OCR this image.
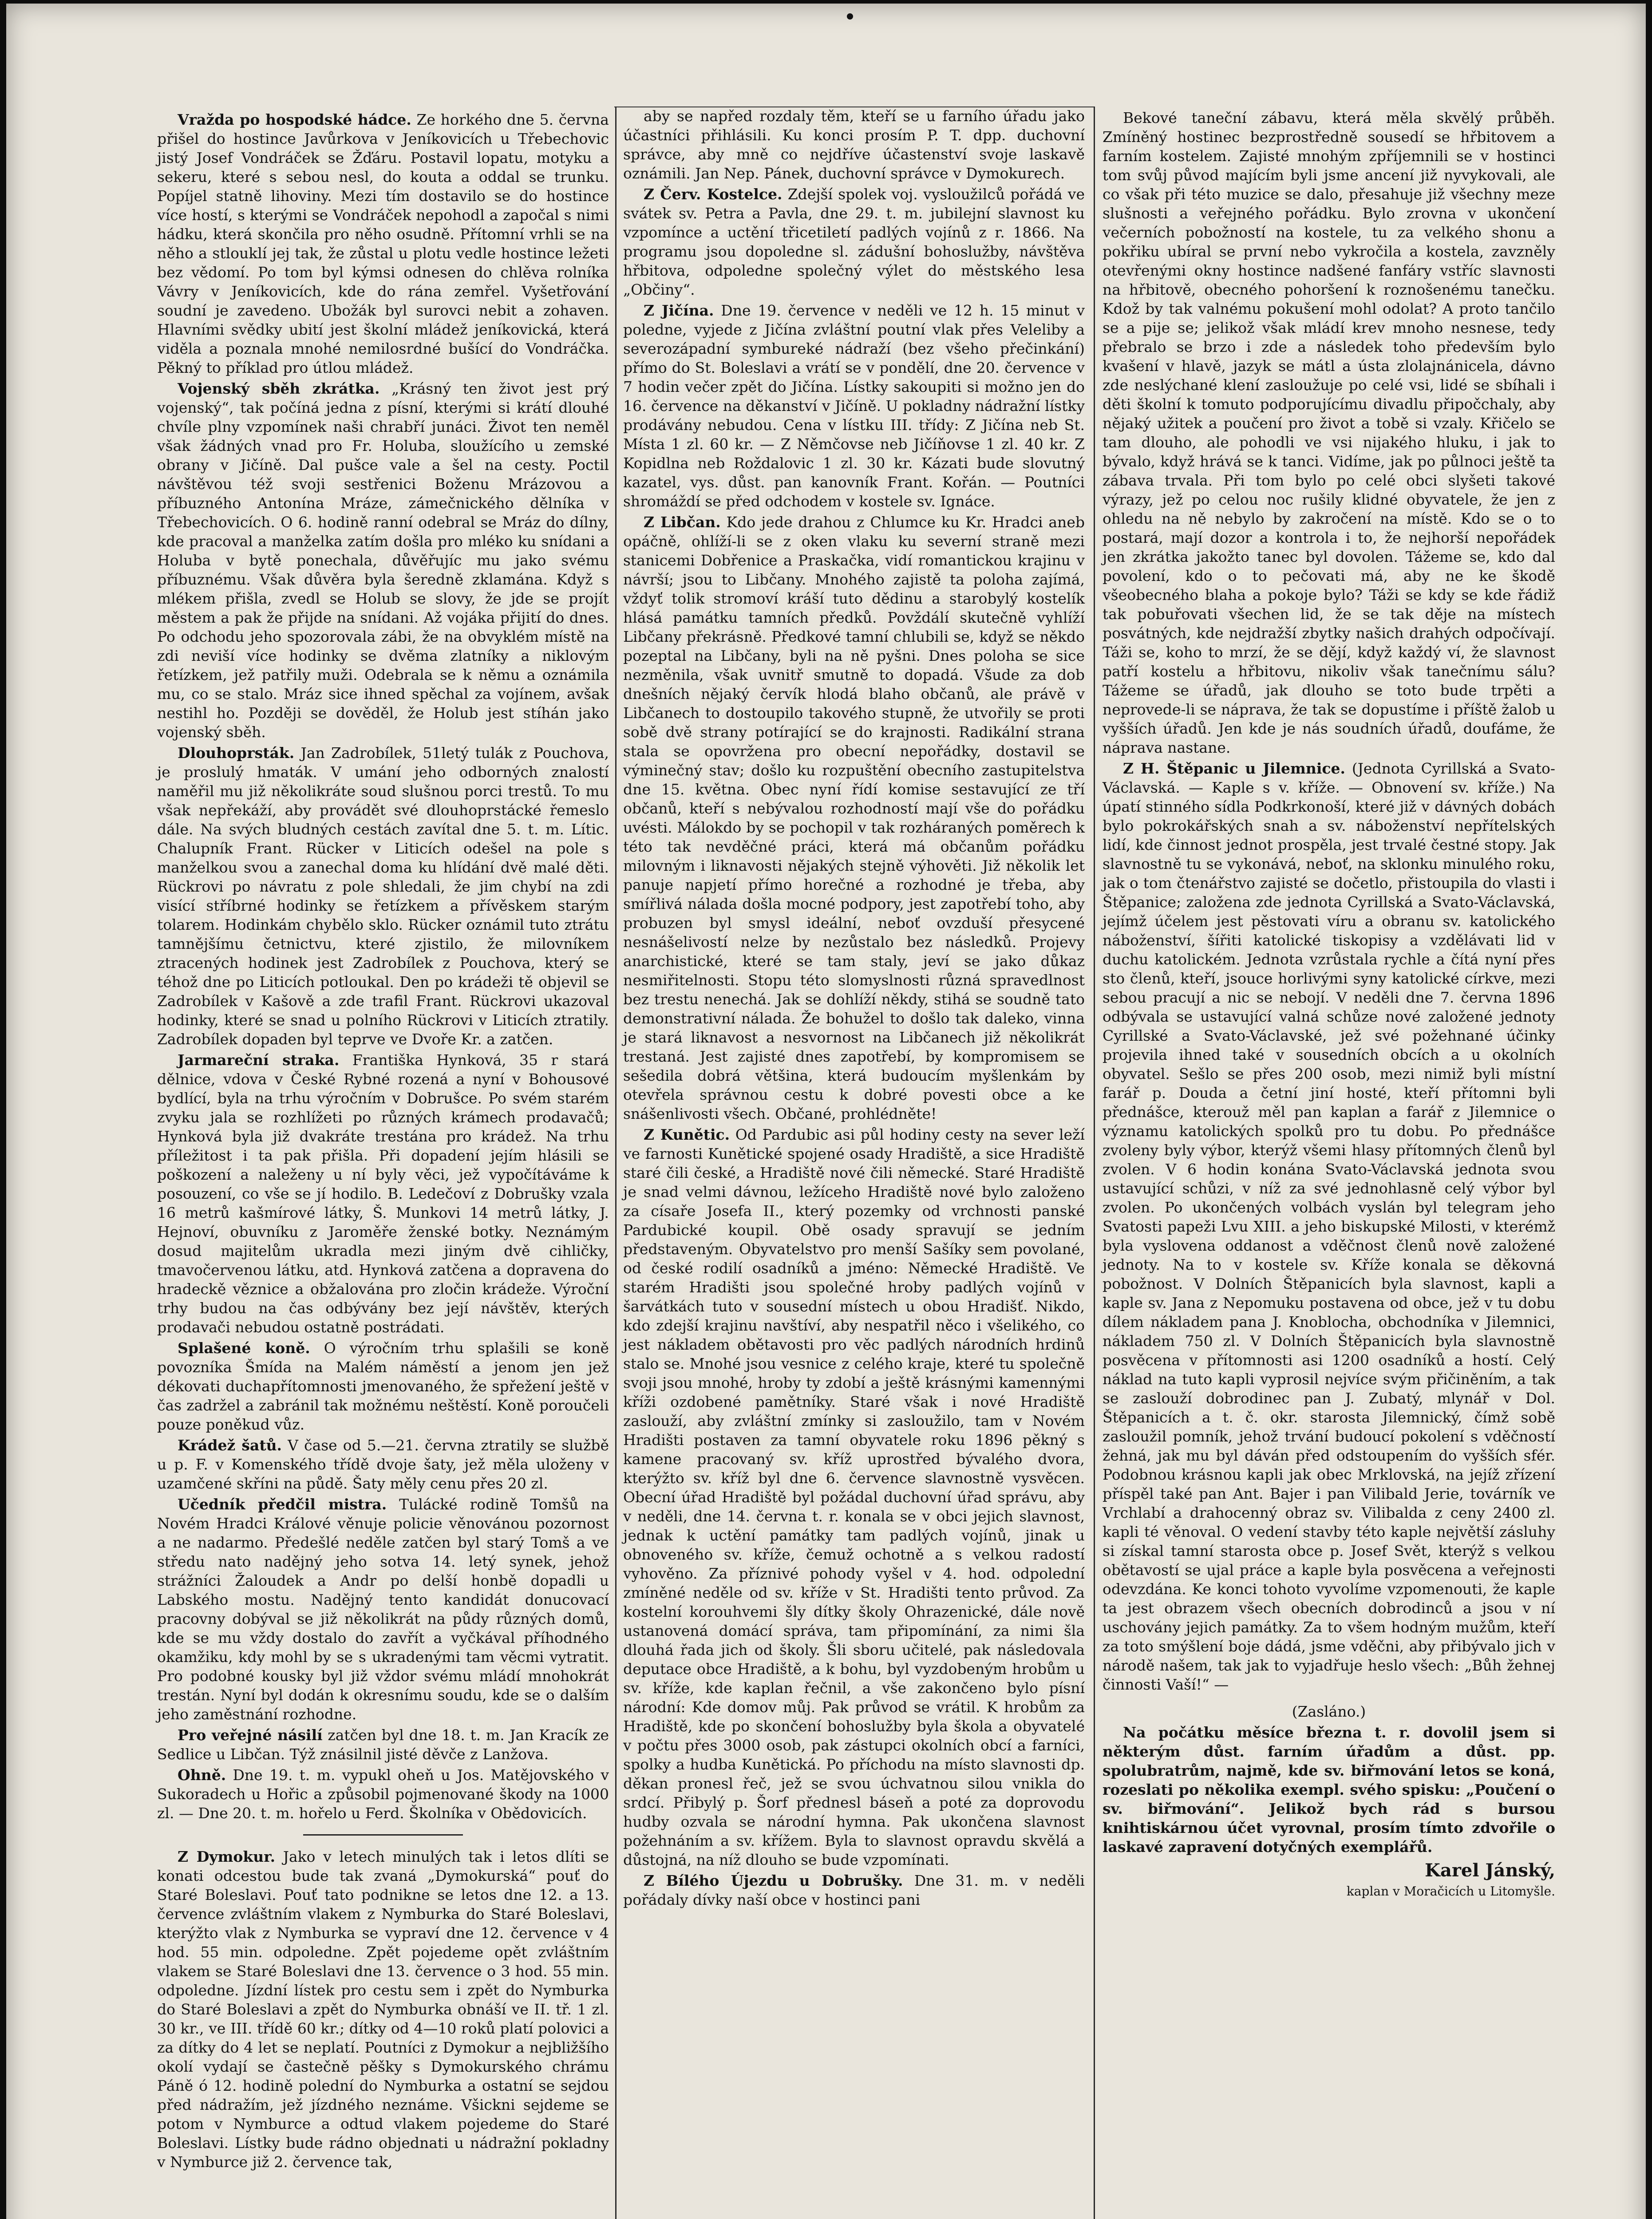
Vražda po hospodské hádce. Ze horkého dne 5. června přišel do hostince Javůrkova v Jeníkovicích u Třebechovic jistý Josef Vondráček se Žďáru. Postavil lopatu, motyku a sekeru, které s sebou nesl, do kouta a oddal se trunku. Popíjel statně lihoviny. Mezi tím dostavilo se do hostince více hostí, s kterými se Vondráček nepohodl a započal s nimi hádku, která skončila pro něho osudně. Přítomní vrhli se na něho a stlouklí jej tak, že zůstal u plotu vedle hostince ležeti bez vědomí. Po tom byl kýmsi odnesen do chlěva rolníka Vávry v Jeníkovicích, kde do rána zemřel. Vyšetřování soudní je zavedeno. Ubožák byl surovci nebit a zohaven. Hlavními svědky ubití jest školní mládež jeníkovická, která viděla a poznala mnohé nemilosrdné bušící do Vondráčka. Pěkný to příklad pro útlou mládež.

Vojenský sběh zkrátka. „Krásný ten život jest prý vojenský“, tak počíná jedna z písní, kterými si krátí dlouhé chvíle plny vzpomínek naši chrabří junáci. Život ten neměl však žádných vnad pro Fr. Holuba, sloužícího u zemské obrany v Jičíně. Dal pušce vale a šel na cesty. Poctil návštěvou též svoji sestřenici Boženu Mrázovou a příbuzného Antonína Mráze, zámečnického dělníka v Třebechovicích. O 6. hodině ranní odebral se Mráz do dílny, kde pracoval a manželka zatím došla pro mléko ku snídani a Holuba v bytě ponechala, důvěřujíc mu jako svému příbuznému. Však důvěra byla šeredně zklamána. Když s mlékem přišla, zvedl se Holub se slovy, že jde se projít městem a pak že přijde na snídani. Až vojáka přijití do dnes. Po odchodu jeho spozorovala zábi, že na obvyklém místě na zdi neviší více hodinky se dvěma zlatníky a niklovým řetízkem, jež patřily muži. Odebrala se k němu a oznámila mu, co se stalo. Mráz sice ihned spěchal za vojínem, avšak nestihl ho. Později se dověděl, že Holub jest stíhán jako vojenský sběh.

Dlouhoprsták. Jan Zadrobílek, 51letý tulák z Pouchova, je proslulý hmaták. V umání jeho odborných znalostí naměřil mu již několikráte soud slušnou porci trestů. To mu však nepřekáží, aby provádět své dlouhoprstácké řemeslo dále. Na svých bludných cestách zavítal dne 5. t. m. Lític. Chalupník Frant. Rücker v Liticích odešel na pole s manželkou svou a zanechal doma ku hlídání dvě malé děti. Rückrovi po návratu z pole shledali, že jim chybí na zdi visící stříbrné hodinky se řetízkem a přívěskem starým tolarem. Hodinkám chybělo sklo. Rücker oznámil tuto ztrátu tamnějšímu četnictvu, které zjistilo, že milovníkem ztracených hodinek jest Zadrobílek z Pouchova, který se téhož dne po Liticích potloukal. Den po krádeži tě objevil se Zadrobílek v Kašově a zde trafil Frant. Rückrovi ukazoval hodinky, které se snad u polního Rückrovi v Liticích ztratily. Zadrobílek dopaden byl teprve ve Dvoře Kr. a zatčen.

Jarmareční straka. Františka Hynková, 35 r stará dělnice, vdova v České Rybné rozená a nyní v Bohousové bydlící, byla na trhu výročním v Dobrušce. Po svém starém zvyku jala se rozhlížeti po různých krámech prodavačů; Hynková byla již dvakráte trestána pro krádež. Na trhu příležitost i ta pak přišla. Při dopadení jejím hlásili se poškození a naleženy u ní byly věci, jež vypočítáváme k posouzení, co vše se jí hodilo. B. Ledečoví z Dobrušky vzala 16 metrů kašmírové látky, Š. Munkovi 14 metrů látky, J. Hejnoví, obuvníku z Jaroměře ženské botky. Neznámým dosud majitelům ukradla mezi jiným dvě cihličky, tmavočervenou látku, atd. Hynková zatčena a dopravena do hradeckě věznice a obžalována pro zločin krádeže. Výroční trhy budou na čas odbývány bez její návštěv, kterých prodavači nebudou ostatně postrádati.

Splašené koně. O výročním trhu splašili se koně povozníka Šmída na Malém náměstí a jenom jen jež dékovati duchapřítomnosti jmenovaného, že spřežení ještě v čas zadržel a zabránil tak možnému neštěstí. Koně poroučeli pouze poněkud vůz.

Krádež šatů. V čase od 5.—21. června ztratily se službě u p. F. v Komenského třídě dvoje šaty, jež měla uloženy v uzamčené skříni na půdě. Šaty měly cenu přes 20 zl.

Učedník předčil mistra. Tulácké rodině Tomšů na Novém Hradci Králové věnuje policie věnovánou pozornost a ne nadarmo. Předešlé neděle zatčen byl starý Tomš a ve středu nato nadějný jeho sotva 14. letý synek, jehož strážníci Žaloudek a Andr po delší honbě dopadli u Labského mostu. Nadějný tento kandidát donucovací pracovny dobýval se již několikrát na půdy různých domů, kde se mu vždy dostalo do zavřít a vyčkával příhodného okamžiku, kdy mohl by se s ukradenými tam věcmi vytratit. Pro podobné kousky byl již vždor svému mládí mnohokrát trestán. Nyní byl dodán k okresnímu soudu, kde se o dalším jeho zaměstnání rozhodne.

Pro veřejné násilí zatčen byl dne 18. t. m. Jan Kracík ze Sedlice u Libčan. Týž znásilnil jisté děvče z Lanžova.

Ohně. Dne 19. t. m. vypukl oheň u Jos. Matějovského v Sukoradech u Hořic a způsobil pojmenované škody na 1000 zl. — Dne 20. t. m. hořelo u Ferd. Školníka v Obědovicích.

Z Dymokur. Jako v letech minulých tak i letos dlíti se konati odcestou bude tak zvaná „Dymokurská“ pouť do Staré Boleslavi. Pouť tato podnikne se letos dne 12. a 13. července zvláštním vlakem z Nymburka do Staré Boleslavi, kterýžto vlak z Nymburka se vypraví dne 12. července v 4 hod. 55 min. odpoledne. Zpět pojedeme opět zvláštním vlakem se Staré Boleslavi dne 13. července o 3 hod. 55 min. odpoledne. Jízdní lístek pro cestu sem i zpět do Nymburka do Staré Boleslavi a zpět do Nymburka obnáší ve II. tř. 1 zl. 30 kr., ve III. třídě 60 kr.; dítky od 4—10 roků platí polovici a za dítky do 4 let se neplatí. Poutníci z Dymokur a nejbližšího okolí vydají se častečně pěšky s Dymokurského chrámu Páně ó 12. hodině polední do Nymburka a ostatní se sejdou před nádražím, jež jízdného neznáme. Všickni sejdeme se potom v Nymburce a odtud vlakem pojedeme do Staré Boleslavi. Lístky bude rádno objednati u nádražní pokladny v Nymburce již 2. července tak,

aby se napřed rozdaly těm, kteří se u farního úřadu jako účastníci přihlásili. Ku konci prosím P. T. dpp. duchovní správce, aby mně co nejdříve účastenství svoje laskavě oznámili. Jan Nep. Pánek, duchovní správce v Dymokurech.

Z Červ. Kostelce. Zdejší spolek voj. vysloužilců pořádá ve svátek sv. Petra a Pavla, dne 29. t. m. jubilejní slavnost ku vzpomínce a uctění třicetiletí padlých vojínů z r. 1866. Na programu jsou dopoledne sl. zádušní bohoslužby, návštěva hřbitova, odpoledne společný výlet do městského lesa „Občiny“.

Z Jičína. Dne 19. července v neděli ve 12 h. 15 minut v poledne, vyjede z Jičína zvláštní poutní vlak přes Veleliby a severozápadní symbureké nádraží (bez všeho přečinkání) přímo do St. Boleslavi a vrátí se v pondělí, dne 20. července v 7 hodin večer zpět do Jičína. Lístky sakoupiti si možno jen do 16. července na děkanství v Jičíně. U pokladny nádražní lístky prodávány nebudou. Cena v lístku III. třídy: Z Jičína neb St. Místa 1 zl. 60 kr. — Z Němčovse neb Jičíňovse 1 zl. 40 kr. Z Kopidlna neb Roždalovic 1 zl. 30 kr. Kázati bude slovutný kazatel, vys. důst. pan kanovník Frant. Kořán. — Poutníci shromáždí se před odchodem v kostele sv. Ignáce.

Z Libčan. Kdo jede drahou z Chlumce ku Kr. Hradci aneb opáčně, ohlíží-li se z oken vlaku ku severní straně mezi stanicemi Dobřenice a Praskačka, vidí romantickou krajinu v návrší; jsou to Libčany. Mnohého zajistě ta poloha zajímá, vždyť tolik stromoví kráší tuto dědinu a starobylý kostelík hlásá památku tamních předků. Povždálí skutečně vyhlíží Libčany překrásně. Předkové tamní chlubili se, když se někdo pozeptal na Libčany, byli na ně pyšni. Dnes poloha se sice nezměnila, však uvnitř smutně to dopadá. Všude za dob dnešních nějaký červík hlodá blaho občanů, ale právě v Libčanech to dostoupilo takového stupně, že utvořily se proti sobě dvě strany potírající se do krajnosti. Radikální strana stala se opovržena pro obecní nepořádky, dostavil se výminečný stav; došlo ku rozpuštění obecního zastupitelstva dne 15. května. Obec nyní řídí komise sestavující ze tří občanů, kteří s nebývalou rozhodností mají vše do pořádku uvésti. Málokdo by se pochopil v tak rozháraných poměrech k této tak nevděčné práci, která má občanům pořádku milovným i liknavosti nějakých stejně výhověti. Již několik let panuje napjetí přímo horečné a rozhodné je třeba, aby smířlivá nálada došla mocné podpory, jest zapotřebí toho, aby probuzen byl smysl ideální, neboť ovzduší přesycené nesnášelivostí nelze by nezůstalo bez následků. Projevy anarchistické, které se tam staly, jeví se jako důkaz nesmiřitelnosti. Stopu této slomyslnosti různá spravedlnost bez trestu nenechá. Jak se dohlíží někdy, stihá se soudně tato demonstrativní nálada. Že bohužel to došlo tak daleko, vinna je stará liknavost a nesvornost na Libčanech již několikrát trestaná. Jest zajisté dnes zapotřebí, by kompromisem se sešedila dobrá většina, která budoucím myšlenkám by otevřela správnou cestu k dobré povesti obce a ke snášenlivosti všech. Občané, prohlédněte!

Z Kunětic. Od Pardubic asi půl hodiny cesty na sever leží ve farnosti Kunětické spojené osady Hradiště, a sice Hradiště staré čili české, a Hradiště nové čili německé. Staré Hradiště je snad velmi dávnou, ležíceho Hradiště nové bylo založeno za císaře Josefa II., který pozemky od vrchnosti panské Pardubické koupil. Obě osady spravují se jedním představeným. Obyvatelstvo pro menší Sašíky sem povolané, od české rodilí osadníků a jméno: Německé Hradiště. Ve starém Hradišti jsou společné hroby padlých vojínů v šarvátkách tuto v sousední místech u obou Hradišť. Nikdo, kdo zdejší krajinu navštíví, aby nespatřil něco i všelikého, co jest nákladem obětavosti pro věc padlých národních hrdinů stalo se. Mnohé jsou vesnice z celého kraje, které tu společně svoji jsou mnohé, hroby ty zdobí a ještě krásnými kamennými kříži ozdobené pamětníky. Staré však i nové Hradiště zaslouží, aby zvláštní zmínky si zasloužilo, tam v Novém Hradišti postaven za tamní obyvatele roku 1896 pěkný s kamene pracovaný sv. kříž uprostřed bývalého dvora, kterýžto sv. kříž byl dne 6. července slavnostně vysvěcen. Obecní úřad Hradiště byl požádal duchovní úřad správu, aby v neděli, dne 14. června t. r. konala se v obci jejich slavnost, jednak k uctění památky tam padlých vojínů, jinak u obnoveného sv. kříže, čemuž ochotně a s velkou radostí vyhověno. Za příznivé pohody vyšel v 4. hod. odpolední zmíněné neděle od sv. kříže v St. Hradišti tento průvod. Za kostelní korouhvemi šly dítky školy Ohrazenické, dále nově ustanovená domácí správa, tam připomínání, za nimi šla dlouhá řada jich od školy. Šli sboru učitelé, pak následovala deputace obce Hradiště, a k bohu, byl vyzdobeným hrobům u sv. kříže, kde kaplan řečnil, a vše zakončeno bylo písní národní: Kde domov můj. Pak průvod se vrátil. K hrobům za Hradiště, kde po skončení bohoslužby byla škola a obyvatelé v počtu přes 3000 osob, pak zástupci okolních obcí a farníci, spolky a hudba Kunětická. Po příchodu na místo slavnosti dp. děkan pronesl řeč, jež se svou úchvatnou silou vnikla do srdcí. Přibylý p. Šorf přednesl báseň a poté za doprovodu hudby ozvala se národní hymna. Pak ukončena slavnost požehnáním a sv. křížem. Byla to slavnost opravdu skvělá a důstojná, na níž dlouho se bude vzpomínati.

Z Bílého Újezdu u Dobrušky. Dne 31. m. v neděli pořádaly dívky naší obce v hostinci pani

Bekové taneční zábavu, která měla skvělý průběh. Zmíněný hostinec bezprostředně sousedí se hřbitovem a farním kostelem. Zajisté mnohým zpříjemnili se v hostinci tom svůj původ majícím byli jsme ancení již nyvykovali, ale co však při této muzice se dalo, přesahuje již všechny meze slušnosti a veřejného pořádku. Bylo zrovna v ukončení večerních pobožností na kostele, tu za velkého shonu a pokřiku ubíral se první nebo vykročila a kostela, zavzněly otevřenými okny hostince nadšené fanfáry vstříc slavnosti na hřbitově, obecného pohoršení k roznošenému tanečku. Kdož by tak valnému pokušení mohl odolat? A proto tančilo se a pije se; jelikož však mládí krev mnoho nesnese, tedy přebralo se brzo i zde a následek toho především bylo kvašení v hlavě, jazyk se mátl a ústa zlolajnánicela, dávno zde neslýchané klení zasloužuje po celé vsi, lidé se sbíhali i děti školní k tomuto podporujícímu divadlu připočchaly, aby nějaký užitek a poučení pro život a tobě si vzaly. Křičelo se tam dlouho, ale pohodli ve vsi nijakého hluku, i jak to bývalo, když hrává se k tanci. Vidíme, jak po půlnoci ještě ta zábava trvala. Při tom bylo po celé obci slyšeti takové výrazy, jež po celou noc rušily klidné obyvatele, že jen z ohledu na ně nebylo by zakročení na místě. Kdo se o to postará, mají dozor a kontrola i to, že nejhorší nepořádek jen zkrátka jakožto tanec byl dovolen. Tážeme se, kdo dal povolení, kdo o to pečovati má, aby ne ke škodě všeobecného blaha a pokoje bylo? Táži se kdy se kde řádiž tak pobuřovati všechen lid, že se tak děje na místech posvátných, kde nejdražší zbytky našich drahých odpočívají. Táži se, koho to mrzí, že se dějí, když každý ví, že slavnost patří kostelu a hřbitovu, nikoliv však tanečnímu sálu? Tážeme se úřadů, jak dlouho se toto bude trpěti a neprovede-li se náprava, že tak se dopustíme i příště žalob u vyšších úřadů. Jen kde je nás soudních úřadů, doufáme, že náprava nastane.

Z H. Štěpanic u Jilemnice. (Jednota Cyrillská a Svato-Václavská. — Kaple s v. kříže. — Obnovení sv. kříže.) Na úpatí stinného sídla Podkrkonoší, které již v dávných dobách bylo pokrokářských snah a sv. náboženství nepřítelských lidí, kde činnost jednot prospěla, jest trvalé čestné stopy. Jak slavnostně tu se vykonává, neboť, na sklonku minulého roku, jak o tom čtenářstvo zajisté se dočetlo, přistoupila do vlasti i Štěpanice; založena zde jednota Cyrillská a Svato-Václavská, jejímž účelem jest pěstovati víru a obranu sv. katolického náboženství, šířiti katolické tiskopisy a vzdělávati lid v duchu katolickém. Jednota vzrůstala rychle a čítá nyní přes sto členů, kteří, jsouce horlivými syny katolické církve, mezi sebou pracují a nic se nebojí. V neděli dne 7. června 1896 odbývala se ustavující valná schůze nové založené jednoty Cyrillské a Svato-Václavské, jež své požehnané účinky projevila ihned také v sousedních obcích a u okolních obyvatel. Sešlo se přes 200 osob, mezi nimiž byli místní farář p. Douda a četní jiní hosté, kteří přítomni byli přednášce, kterouž měl pan kaplan a farář z Jilemnice o významu katolických spolků pro tu dobu. Po přednášce zvoleny byly výbor, kterýž všemi hlasy přítomných členů byl zvolen. V 6 hodin konána Svato-Václavská jednota svou ustavující schůzi, v níž za své jednohlasně celý výbor byl zvolen. Po ukončených volbách vyslán byl telegram jeho Svatosti papeži Lvu XIII. a jeho biskupské Milosti, v kterémž byla vyslovena oddanost a vděčnost členů nově založené jednoty. Na to v kostele sv. Kříže konala se děkovná pobožnost. V Dolních Štěpanicích byla slavnost, kapli a kaple sv. Jana z Nepomuku postavena od obce, jež v tu dobu dílem nákladem pana J. Knoblocha, obchodníka v Jilemnici, nákladem 750 zl. V Dolních Štěpanicích byla slavnostně posvěcena v přítomnosti asi 1200 osadníků a hostí. Celý náklad na tuto kapli vyprosil nejvíce svým přičiněním, a tak se zaslouží dobrodinec pan J. Zubatý, mlynář v Dol. Štěpanicích a t. č. okr. starosta Jilemnický, čímž sobě zasloužil pomník, jehož trvání budoucí pokolení s vděčností žehná, jak mu byl dáván před odstoupením do vyšších sfér. Podobnou krásnou kapli jak obec Mrklovská, na jejíž zřízení příspěl také pan Ant. Bajer i pan Vilibald Jerie, továrník ve Vrchlabí a drahocenný obraz sv. Vilibalda z ceny 2400 zl. kapli té věnoval. O vedení stavby této kaple největší zásluhy si získal tamní starosta obce p. Josef Svět, kterýž s velkou obětavostí se ujal práce a kaple byla posvěcena a veřejnosti odevzdána. Ke konci tohoto vyvolíme vzpomenouti, že kaple ta jest obrazem všech obecních dobrodinců a jsou v ní uschovány jejich památky. Za to všem hodným mužům, kteří za toto smýšlení boje dádá, jsme vděčni, aby přibývalo jich v národě našem, tak jak to vyjadřuje heslo všech: „Bůh žehnej činnosti Vaší!“ —

(Zasláno.)

Na počátku měsíce března t. r. dovolil jsem si některým důst. farním úřadům a důst. pp. spolubratrům, najmě, kde sv. biřmování letos se koná, rozeslati po několika exempl. svého spisku: „Poučení o sv. biřmování“. Jelikož bych rád s bursou knihtiskárnou účet vyrovnal, prosím tímto zdvořile o laskavé zapravení dotyčných exemplářů.

Karel Jánský,

kaplan v Moračicích u Litomyšle.
